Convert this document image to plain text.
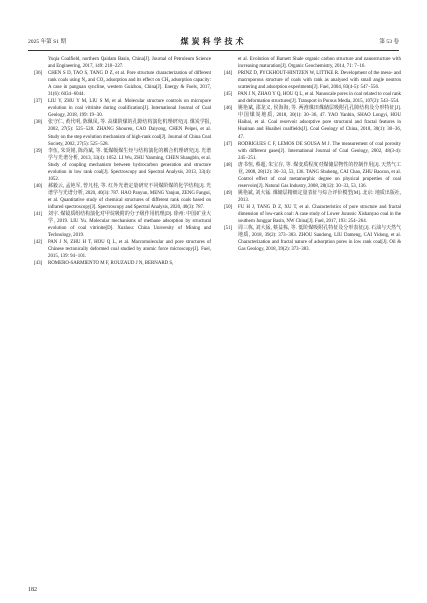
2025 年第 S1 期	煤炭科学技术	第 53 卷

Yuqia Coalfield, northern Qaidam Basin, China[J]. Journal of Petroleum Science and Engineering, 2017, 149: 218−227.

[36] CHEN S D, TAO S, TANG D Z, et al. Pore structure characterization of different rank coals using N₂ and CO₂ adsorption and its effect on CH₄ adsorption capacity: A case in panguan syncline, western Guizhou, China[J]. Energy & Fuels, 2017, 31(6): 6034−6044.

[37] LIU Y, ZHU Y M, LIU S M, et al. Molecular structure controls on micropore evolution in coal vitrinite during coalification[J]. International Journal of Coal Geology, 2018, 199: 19−30.

[38] 张守仁, 黄代明, 陈佩凤, 等. 高煤阶煤的孔隙结构演化机理研究[J]. 煤炭学报, 2002, 27(5): 525−528. ZHANG Shouren, CAO Daiyong, CHEN Peipei, et al. Study on the step evolution mechanism of high-rank coal[J]. Journal of China Coal Society, 2002, 27(5): 525−528.

[39] 李伍, 朱炎铭, 陈尚斌, 等. 低煤级煤生烃与结构演化的耦合机理研究[J]. 光谱学与光谱分析, 2013, 33(4): 1052. LI Wu, ZHU Yanming, CHEN Shangbin, et al. Study of coupling mechanism between hydrocarbon generation and structure evolution in low rank coal[J]. Spectroscopy and Spectral Analysis, 2013, 33(4): 1052.

[40] 郝毅云, 孟艳军, 曾凡桂, 等. 红外光谱定量研究不同煤阶煤的化学结构[J]. 光谱学与光谱分析, 2020, 40(3): 787. HAO Panyun, MENG Yanjun, ZENG Fangui, et al. Quantitative study of chemical structures of different rank coals based on infrared spectroscopy[J]. Spectroscopy and Spectral Analysis, 2020, 40(3): 787.

[41] 刘宇. 煤镜质组结构演化对甲烷吸附的分子级作用机理[D]. 徐州: 中国矿业大学, 2019. LIU Yu. Molecular mechanisms of methane adsorption by structural evolution of coal vitrinite[D]. Xuzhou: China University of Mining and Technology, 2019.

[42] PAN J N, ZHU H T, HOU Q L, et al. Macromolecular and pore structures of Chinese tectonically deformed coal studied by atomic force microscopy[J]. Fuel, 2015, 139: 94−101.

[43] ROMERO-SARMIENTO M F, ROUZAUD J N, BERNARD S,

et al. Evolution of Barnett Shale organic carbon structure and nanostructure with increasing maturation[J]. Organic Geochemistry, 2014, 71: 7−16.

[44] PRINZ D, PYCKHOUT-HINTZEN W, LITTKE R. Development of the meso- and macroporous structure of coals with rank as analysed with small angle neutron scattering and adsorption experiments[J]. Fuel, 2004, 83(4-5): 547−556.

[45] PAN J N, ZHAO Y Q, HOU Q L, et al. Nanoscale pores in coal related to coal rank and deformation structures[J]. Transport in Porous Media, 2015, 107(2): 543−554.

[46] 姚艳斌, 邵龙义, 侯海海, 等. 两淮煤田煤储层吸附孔孔隙结构及分形特征[J]. 中国煤炭地质, 2018, 30(1): 30−36, 47. YAO Yanbin, SHAO Longyi, HOU Haihai, et al. Coal reservoir adsorptive pore structural and fractal features in Huainan and Huaibei coalfields[J]. Coal Geology of China, 2018, 30(1): 30−36, 47.

[47] RODRIGUES C F, LEMOS DE SOUSA M J. The measurement of coal porosity with different gases[J]. International Journal of Coal Geology, 2002, 48(3-4): 245−251.

[48] 唐书恒, 蔡超, 朱宝存, 等. 煤变质程度对煤储层物性的控制作用[J]. 天然气工业, 2008, 28(12): 30−33, 53, 136. TANG Shuheng, CAI Chao, ZHU Baocun, et al. Control effect of coal metamorphic degree on physical properties of coal reservoirs[J]. Natural Gas Industry, 2008, 28(12): 30−33, 53, 136.

[49] 姚艳斌, 刘大锰. 煤储层精细定量表征与综合评价模型[M]. 北京: 地质出版社, 2013.

[50] FU H J, TANG D Z, XU T, et al. Characteristics of pore structure and fractal dimension of low-rank coal: A case study of Lower Jurassic Xishanyao coal in the southern Junggar Basin, NW China[J]. Fuel, 2017, 193: 254−264.

[51] 周三栋, 刘大锰, 蔡益栋, 等. 低阶煤吸附孔特征及分形表征[J]. 石油与天然气地质, 2018, 39(2): 373−383. ZHOU Sandong, LIU Dameng, CAI Yidong, et al. Characterization and fractal nature of adsorption pores in low rank coal[J]. Oil & Gas Geology, 2018, 39(2): 373−383.

182
